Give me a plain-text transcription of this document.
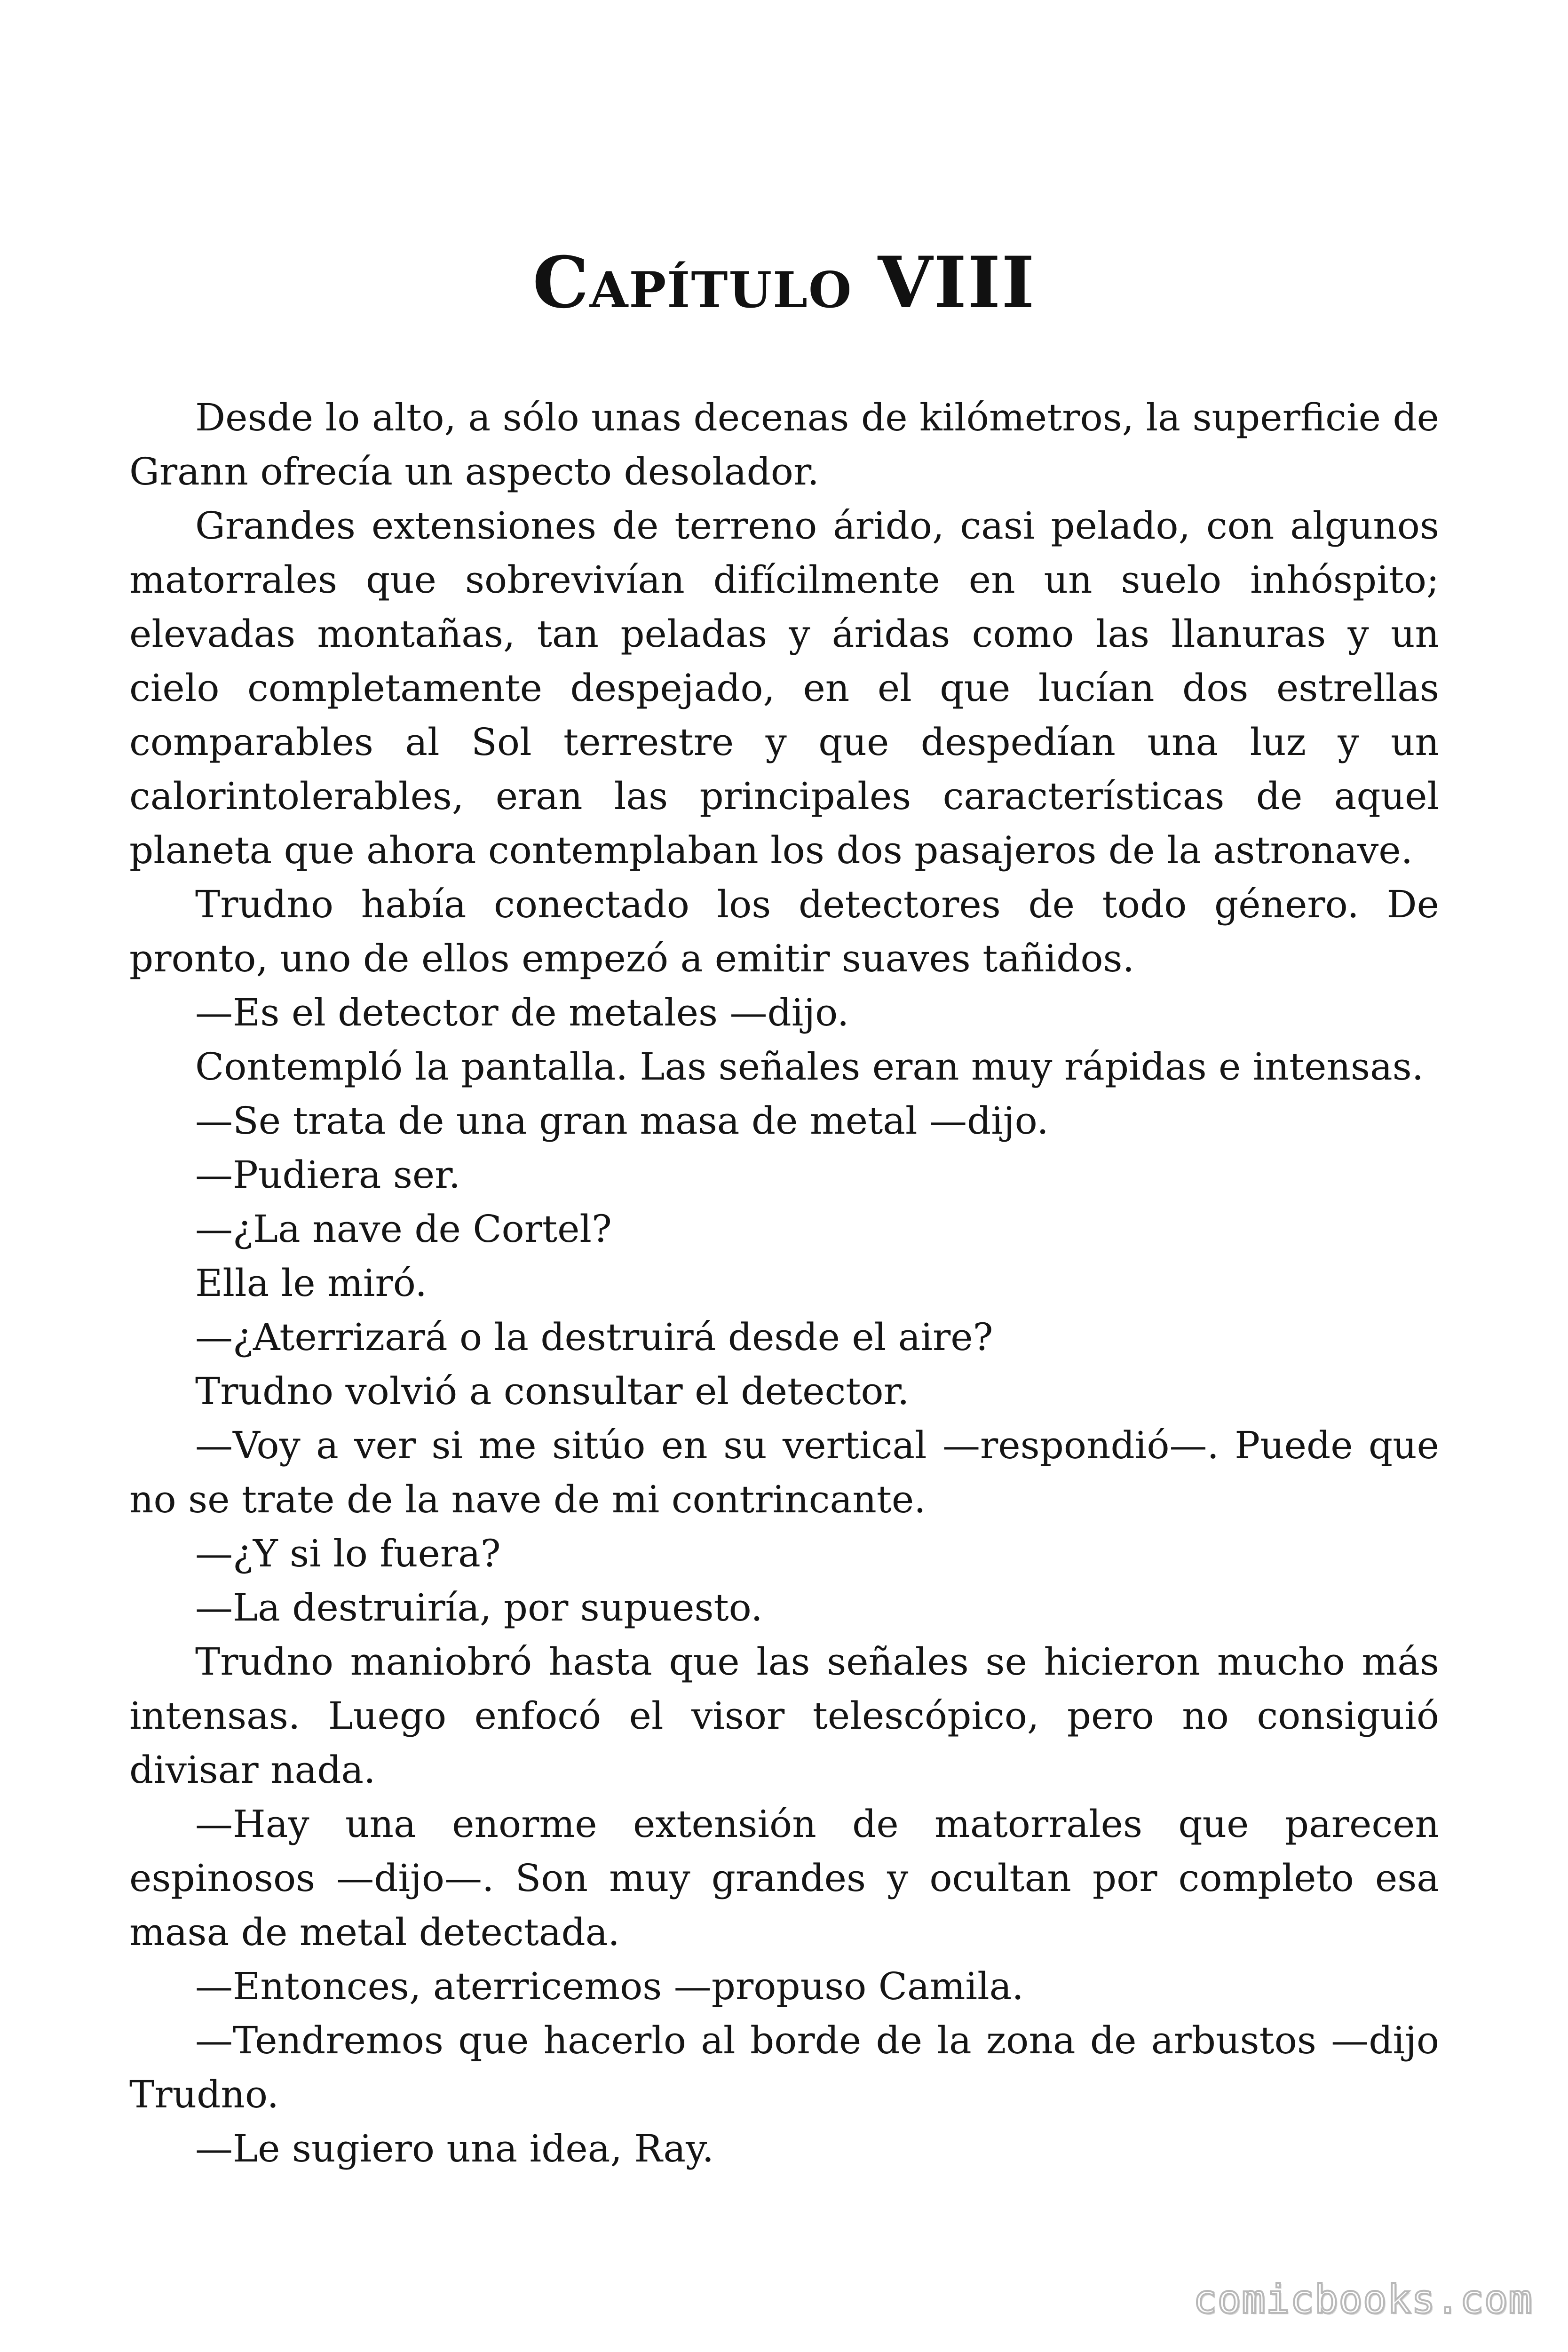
Capítulo VIII

Desde lo alto, a sólo unas decenas de kilómetros, la superficie de Grann ofrecía un aspecto desolador.

Grandes extensiones de terreno árido, casi pelado, con algunos matorrales que sobrevivían difícilmente en un suelo inhóspito; elevadas montañas, tan peladas y áridas como las llanuras y un cielo completamente despejado, en el que lucían dos estrellas comparables al Sol terrestre y que despedían una luz y un calorintolerables, eran las principales características de aquel planeta que ahora contemplaban los dos pasajeros de la astronave.

Trudno había conectado los detectores de todo género. De pronto, uno de ellos empezó a emitir suaves tañidos.

—Es el detector de metales —dijo.

Contempló la pantalla. Las señales eran muy rápidas e intensas.

—Se trata de una gran masa de metal —dijo.

—Pudiera ser.

—¿La nave de Cortel?

Ella le miró.

—¿Aterrizará o la destruirá desde el aire?

Trudno volvió a consultar el detector.

—Voy a ver si me sitúo en su vertical —respondió—. Puede que no se trate de la nave de mi contrincante.

—¿Y si lo fuera?

—La destruiría, por supuesto.

Trudno maniobró hasta que las señales se hicieron mucho más intensas. Luego enfocó el visor telescópico, pero no consiguió divisar nada.

—Hay una enorme extensión de matorrales que parecen espinosos —dijo—. Son muy grandes y ocultan por completo esa masa de metal detectada.

—Entonces, aterricemos —propuso Camila.

—Tendremos que hacerlo al borde de la zona de arbustos —dijo Trudno.

—Le sugiero una idea, Ray.

comicbooks.com
